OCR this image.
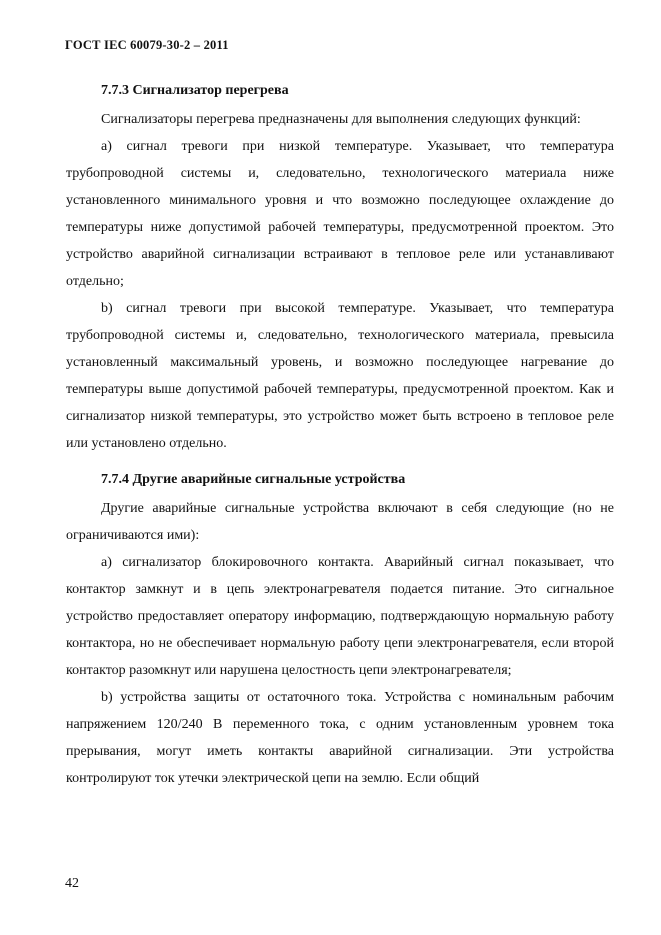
ГОСТ IEC 60079-30-2 – 2011
7.7.3 Сигнализатор перегрева

Сигнализаторы перегрева предназначены для выполнения следующих функций:

а) сигнал тревоги при низкой температуре. Указывает, что температура трубопроводной системы и, следовательно, технологического материала ниже установленного минимального уровня и что возможно последующее охлаждение до температуры ниже допустимой рабочей температуры, предусмотренной проектом. Это устройство аварийной сигнализации встраивают в тепловое реле или устанавливают отдельно;

b) сигнал тревоги при высокой температуре. Указывает, что температура трубопроводной системы и, следовательно, технологического материала, превысила установленный максимальный уровень, и возможно последующее нагревание до температуры выше допустимой рабочей температуры, предусмотренной проектом. Как и сигнализатор низкой температуры, это устройство может быть встроено в тепловое реле или установлено отдельно.

7.7.4 Другие аварийные сигнальные устройства

Другие аварийные сигнальные устройства включают в себя следующие (но не ограничиваются ими):

а) сигнализатор блокировочного контакта. Аварийный сигнал показывает, что контактор замкнут и в цепь электронагревателя подается питание. Это сигнальное устройство предоставляет оператору информацию, подтверждающую нормальную работу контактора, но не обеспечивает нормальную работу цепи электронагревателя, если второй контактор разомкнут или нарушена целостность цепи электронагревателя;

b) устройства защиты от остаточного тока. Устройства с номинальным рабочим напряжением 120/240 В переменного тока, с одним установленным уровнем тока прерывания, могут иметь контакты аварийной сигнализации. Эти устройства контролируют ток утечки электрической цепи на землю. Если общий

42
